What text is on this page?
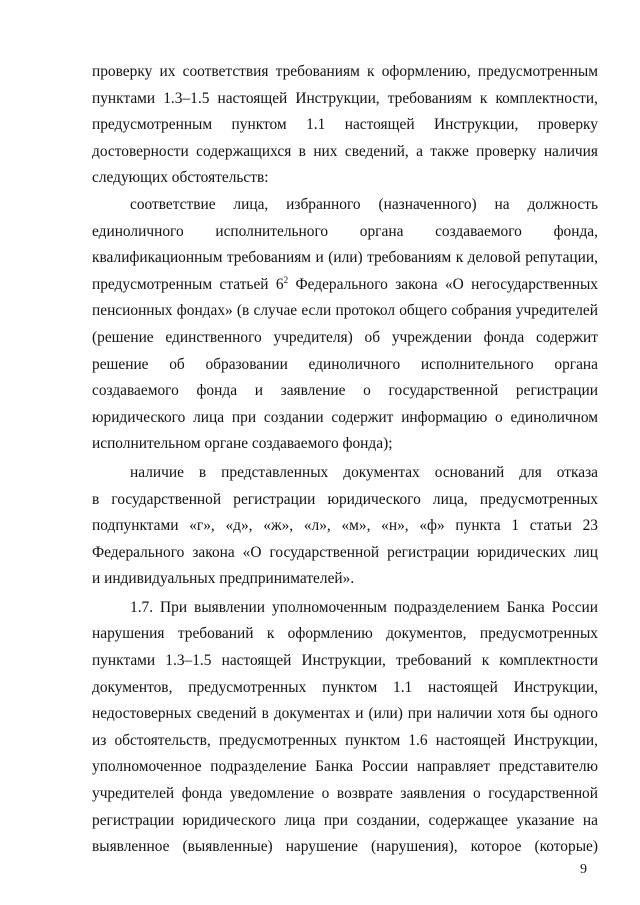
проверку их соответствия требованиям к оформлению, предусмотренным
пунктами 1.3–1.5 настоящей Инструкции, требованиям к комплектности,
предусмотренным пунктом 1.1 настоящей Инструкции, проверку
достоверности содержащихся в них сведений, а также проверку наличия
следующих обстоятельств:
соответствие лица, избранного (назначенного) на должность
единоличного исполнительного органа создаваемого фонда,
квалификационным требованиям и (или) требованиям к деловой репутации,
предусмотренным статьей $6^2$ Федерального закона «О негосударственных
пенсионных фондах» (в случае если протокол общего собрания учредителей
(решение единственного учредителя) об учреждении фонда содержит
решение об образовании единоличного исполнительного органа
создаваемого фонда и заявление о государственной регистрации
юридического лица при создании содержит информацию о единоличном
исполнительном органе создаваемого фонда);
наличие в представленных документах оснований для отказа
в государственной регистрации юридического лица, предусмотренных
подпунктами «г», «д», «ж», «л», «м», «н», «ф» пункта 1 статьи 23
Федерального закона «О государственной регистрации юридических лиц
и индивидуальных предпринимателей».
1.7. При выявлении уполномоченным подразделением Банка России
нарушения требований к оформлению документов, предусмотренных
пунктами 1.3–1.5 настоящей Инструкции, требований к комплектности
документов, предусмотренных пунктом 1.1 настоящей Инструкции,
недостоверных сведений в документах и (или) при наличии хотя бы одного
из обстоятельств, предусмотренных пунктом 1.6 настоящей Инструкции,
уполномоченное подразделение Банка России направляет представителю
учредителей фонда уведомление о возврате заявления о государственной
регистрации юридического лица при создании, содержащее указание на
выявленное (выявленные) нарушение (нарушения), которое (которые)
9
